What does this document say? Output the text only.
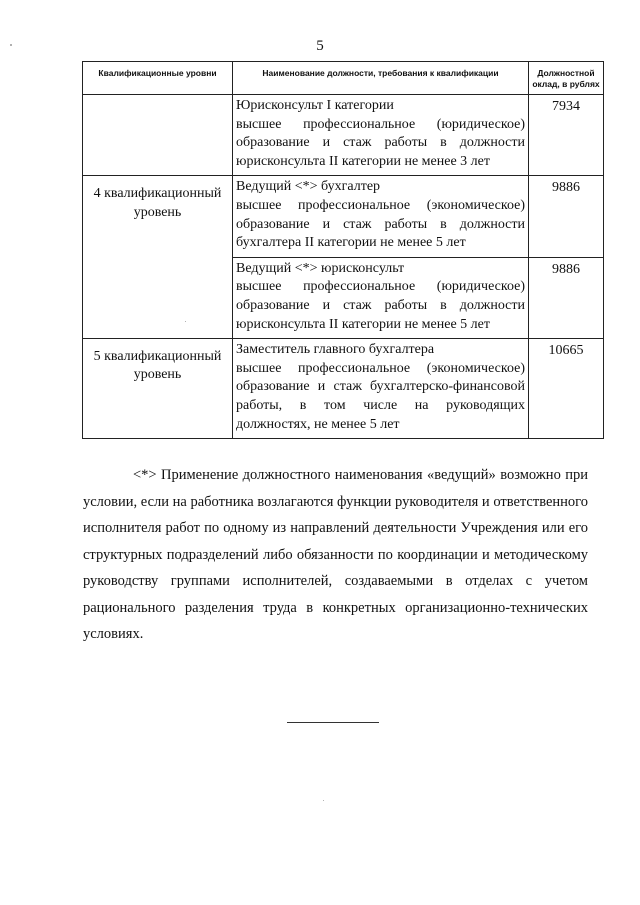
5
Квалификационные уровни	Наименование должности, требования к квалификации	Должностной оклад, в рублях

	Юрисконсульт I категории
высшее профессиональное (юридическое) образование и стаж работы в должности юрисконсульта II категории не менее 3 лет	7934
4 квалификационный уровень	Ведущий <*> бухгалтер
высшее профессиональное (экономическое) образование и стаж работы в должности бухгалтера II категории не менее 5 лет	9886

	Ведущий <*> юрисконсульт
высшее профессиональное (юридическое) образование и стаж работы в должности юрисконсульта II категории не менее 5 лет	9886
5 квалификационный уровень	Заместитель главного бухгалтера
высшее профессиональное (экономическое) образование и стаж бухгалтерско-финансовой работы, в том числе на руководящих должностях, не менее 5 лет	10665

<*> Применение должностного наименования «ведущий» возможно при условии, если на работника возлагаются функции руководителя и ответственного исполнителя работ по одному из направлений деятельности Учреждения или его структурных подразделений либо обязанности по координации и методическому руководству группами исполнителей, создаваемыми в отделах с учетом рационального разделения труда в конкретных организационно-технических условиях.
